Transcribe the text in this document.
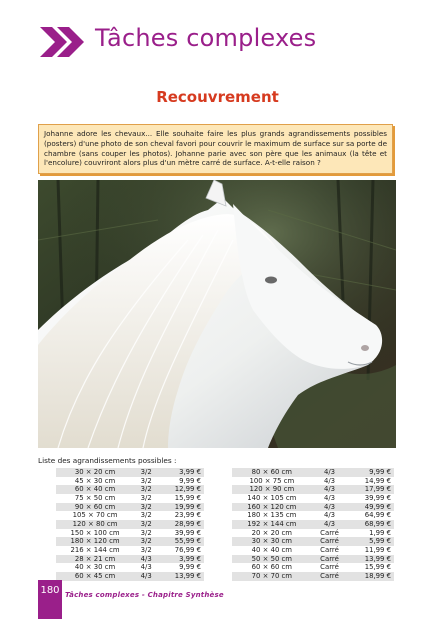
Tâches complexes
Recouvrement
Johanne adore les chevaux... Elle souhaite faire les plus grands agrandissements possibles (posters) d'une photo de son cheval favori pour couvrir le maximum de surface sur sa porte de chambre (sans couper les photos). Johanne parie avec son père que les animaux (la tête et l'encolure) couvriront alors plus d'un mètre carré de surface. A-t-elle raison ?
Liste des agrandissements possibles :
30 × 20 cm	3/2	3,99 €
45 × 30 cm	3/2	9,99 €
60 × 40 cm	3/2	12,99 €
75 × 50 cm	3/2	15,99 €
90 × 60 cm	3/2	19,99 €
105 × 70 cm	3/2	23,99 €
120 × 80 cm	3/2	28,99 €
150 × 100 cm	3/2	39,99 €
180 × 120 cm	3/2	55,99 €
216 × 144 cm	3/2	76,99 €
28 × 21 cm	4/3	3,99 €
40 × 30 cm	4/3	9,99 €
60 × 45 cm	4/3	13,99 €
80 × 60 cm	4/3	9,99 €
100 × 75 cm	4/3	14,99 €
120 × 90 cm	4/3	17,99 €
140 × 105 cm	4/3	39,99 €
160 × 120 cm	4/3	49,99 €
180 × 135 cm	4/3	64,99 €
192 × 144 cm	4/3	68,99 €
20 × 20 cm	Carré	1,99 €
30 × 30 cm	Carré	5,99 €
40 × 40 cm	Carré	11,99 €
50 × 50 cm	Carré	13,99 €
60 × 60 cm	Carré	15,99 €
70 × 70 cm	Carré	18,99 €
180 Tâches complexes - Chapitre Synthèse
